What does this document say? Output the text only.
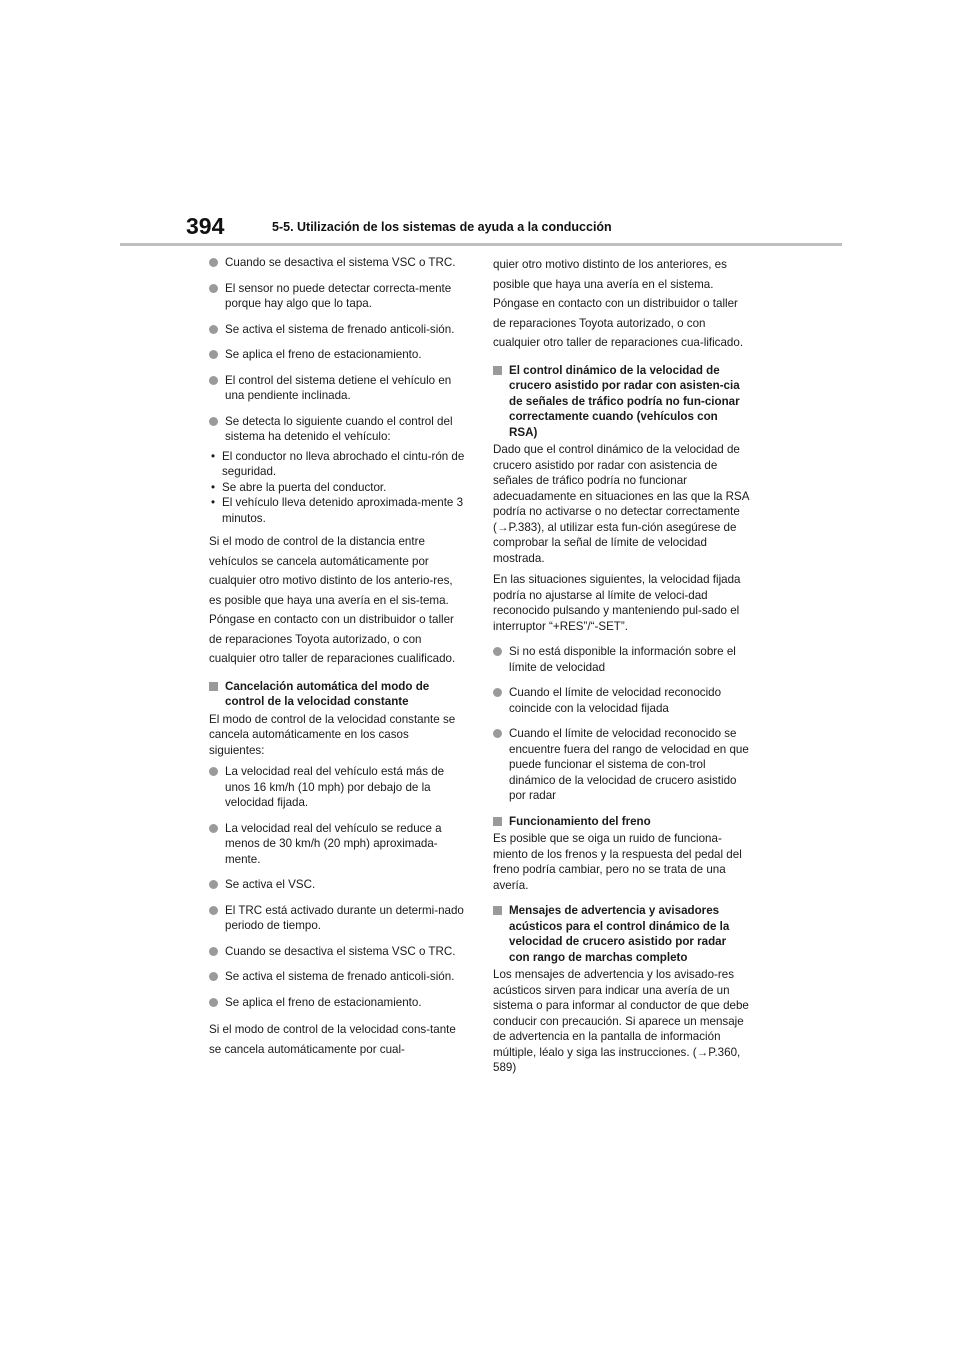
394	5-5. Utilización de los sistemas de ayuda a la conducción
Cuando se desactiva el sistema VSC o TRC.
El sensor no puede detectar correcta-mente porque hay algo que lo tapa.
Se activa el sistema de frenado anticoli-sión.
Se aplica el freno de estacionamiento.
El control del sistema detiene el vehículo en una pendiente inclinada.
Se detecta lo siguiente cuando el control del sistema ha detenido el vehículo:
• El conductor no lleva abrochado el cintu-rón de seguridad.
• Se abre la puerta del conductor.
• El vehículo lleva detenido aproximada-mente 3 minutos.
Si el modo de control de la distancia entre vehículos se cancela automáticamente por cualquier otro motivo distinto de los anterio-res, es posible que haya una avería en el sis-tema. Póngase en contacto con un distribuidor o taller de reparaciones Toyota autorizado, o con cualquier otro taller de reparaciones cualificado.
Cancelación automática del modo de control de la velocidad constante
El modo de control de la velocidad constante se cancela automáticamente en los casos siguientes:
La velocidad real del vehículo está más de unos 16 km/h (10 mph) por debajo de la velocidad fijada.
La velocidad real del vehículo se reduce a menos de 30 km/h (20 mph) aproximada-mente.
Se activa el VSC.
El TRC está activado durante un determi-nado periodo de tiempo.
Cuando se desactiva el sistema VSC o TRC.
Se activa el sistema de frenado anticoli-sión.
Se aplica el freno de estacionamiento.
Si el modo de control de la velocidad cons-tante se cancela automáticamente por cual-
quier otro motivo distinto de los anteriores, es posible que haya una avería en el sistema. Póngase en contacto con un distribuidor o taller de reparaciones Toyota autorizado, o con cualquier otro taller de reparaciones cua-lificado.
El control dinámico de la velocidad de crucero asistido por radar con asisten-cia de señales de tráfico podría no fun-cionar correctamente cuando (vehículos con RSA)
Dado que el control dinámico de la velocidad de crucero asistido por radar con asistencia de señales de tráfico podría no funcionar adecuadamente en situaciones en las que la RSA podría no activarse o no detectar correctamente (→P.383), al utilizar esta fun-ción asegúrese de comprobar la señal de límite de velocidad mostrada.
En las situaciones siguientes, la velocidad fijada podría no ajustarse al límite de veloci-dad reconocido pulsando y manteniendo pul-sado el interruptor “+RES”/“-SET”.
Si no está disponible la información sobre el límite de velocidad
Cuando el límite de velocidad reconocido coincide con la velocidad fijada
Cuando el límite de velocidad reconocido se encuentre fuera del rango de velocidad en que puede funcionar el sistema de con-trol dinámico de la velocidad de crucero asistido por radar
Funcionamiento del freno
Es posible que se oiga un ruido de funciona-miento de los frenos y la respuesta del pedal del freno podría cambiar, pero no se trata de una avería.
Mensajes de advertencia y avisadores acústicos para el control dinámico de la velocidad de crucero asistido por radar con rango de marchas completo
Los mensajes de advertencia y los avisado-res acústicos sirven para indicar una avería de un sistema o para informar al conductor de que debe conducir con precaución. Si aparece un mensaje de advertencia en la pantalla de información múltiple, léalo y siga las instrucciones. (→P.360, 589)
